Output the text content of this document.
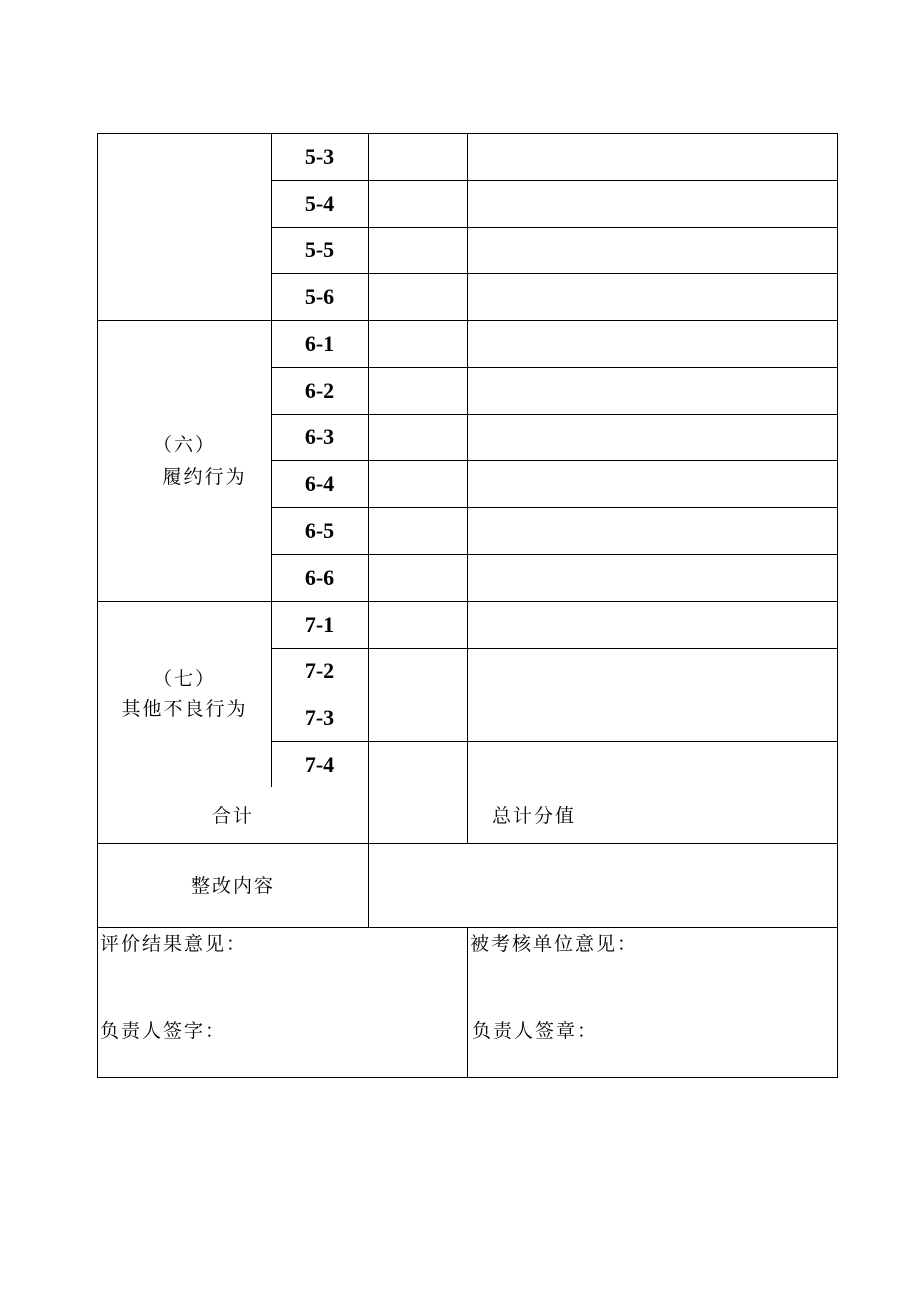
5-3
5-4
5-5
5-6
6-1
6-2
6-3
6-4
6-5
6-6
7-1
7-2
7-3
7-4
（六）
履约行为
（七）
其他不良行为
合计	总计分值
整改内容
评价结果意见：
负责人签字：
被考核单位意见：
负责人签章：
